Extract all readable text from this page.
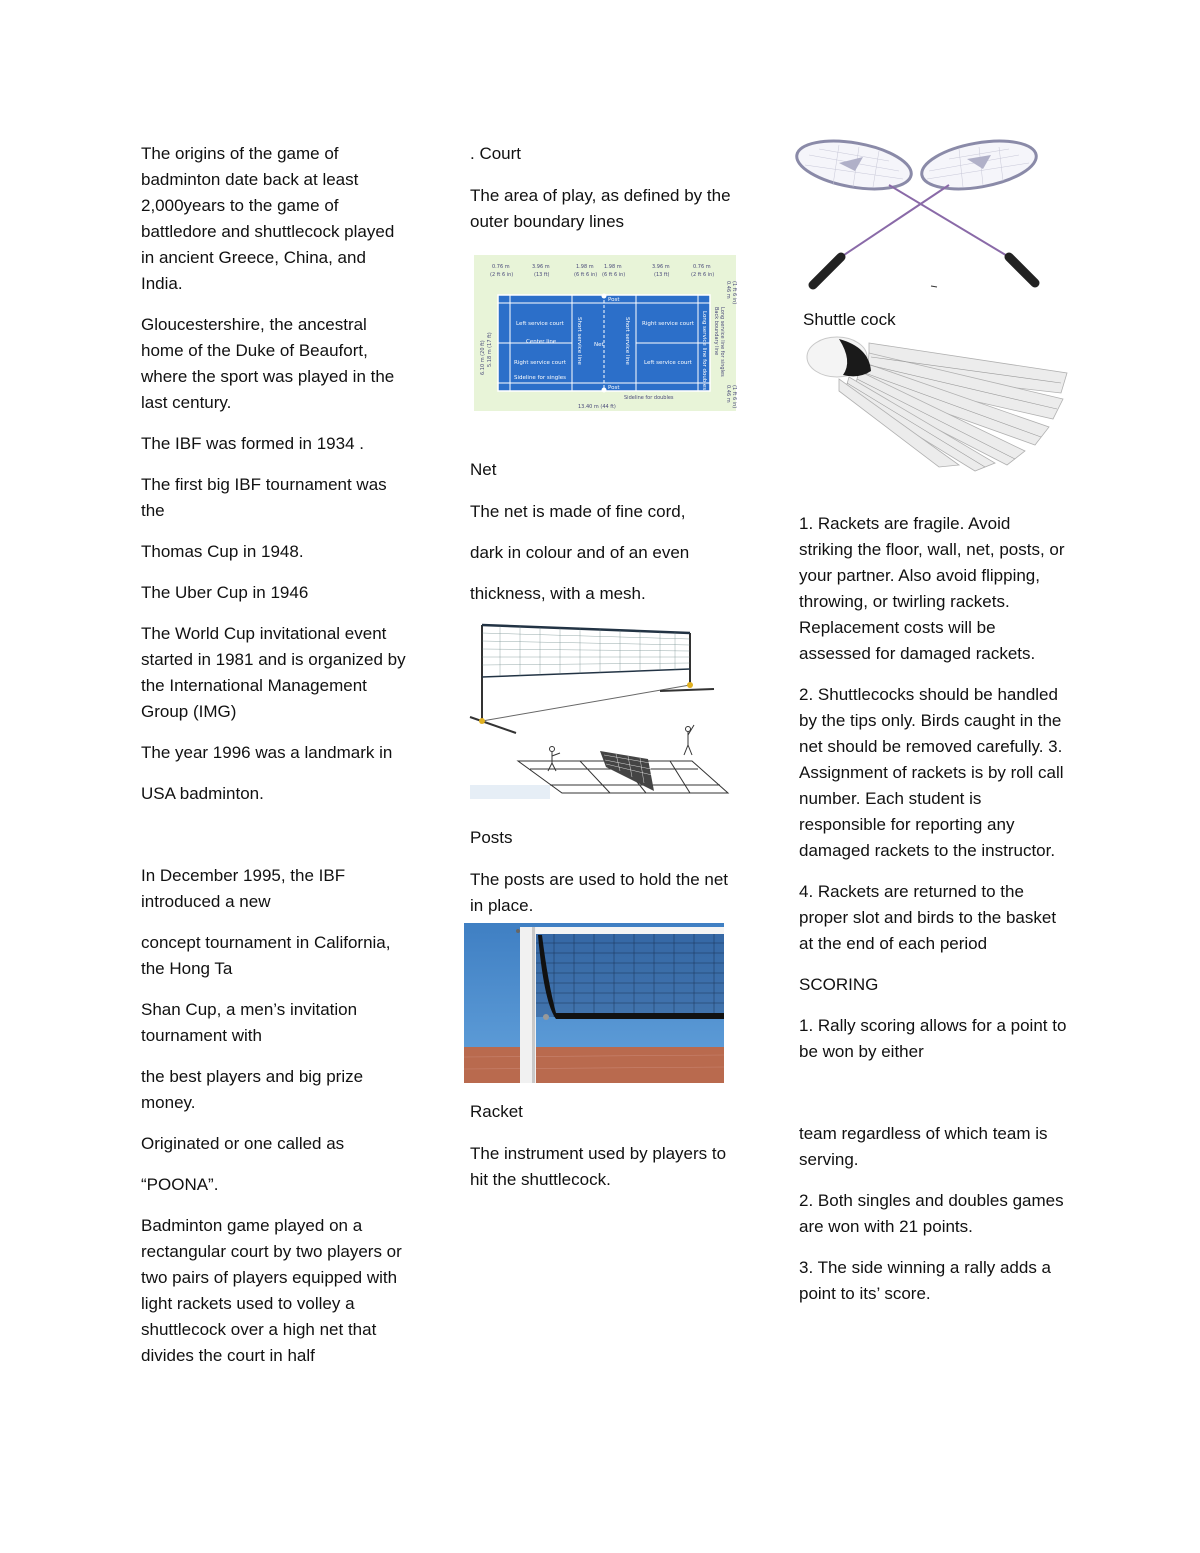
The origins of the game of badminton date back at least 2,000years to the game of battledore and shuttlecock played in ancient Greece, China, and India.

Gloucestershire, the ancestral home of the Duke of Beaufort, where the sport was played in the last century.

The IBF was formed in 1934 .

The first big IBF tournament was the

Thomas Cup in 1948.

The Uber Cup in 1946

The World Cup invitational event started in 1981 and is organized by the International Management Group (IMG)

The year 1996 was a landmark in

USA badminton.

In December 1995, the IBF introduced a new

concept tournament in California, the Hong Ta

Shan Cup, a men’s invitation tournament with

the best players and big prize money.

Originated or one called as

“POONA”.

Badminton game played on a rectangular court by two players or two pairs of players equipped with light rackets used to volley a shuttlecock over a high net that divides the court in half

. Court

The area of play, as defined by the outer boundary lines

0.76 m	3.96 m	1.98 m 1.98 m	3.96 m	0.76 m
(2 ft 6 in)	(13 ft)	(6 ft 6 in) (6 ft 6 in)	(13 ft)	(2 ft 6 in)
Post
Post
Left service court
Center line
Right service court
Sideline for singles
Net
Right service court
Left service court
Short service line	Short service line	Long service line for doubles
Sideline for doubles
13.40 m (44 ft)
6.10 m (20 ft) 5.18 m (17 ft)	Back boundary line Long service line for singles
0.46 m (1 ft 6 in)
0.46 m (1 ft 6 in)

Net

The net is made of fine cord,

dark in colour and of an even

thickness, with a mesh.

Posts

The posts are used to hold the net in place.

Racket

The instrument used by players to hit the shuttlecock.

Shuttle cock

1. Rackets are fragile. Avoid striking the floor, wall, net, posts, or your partner. Also avoid flipping, throwing, or twirling rackets. Replacement costs will be assessed for damaged rackets.

2. Shuttlecocks should be handled by the tips only. Birds caught in the net should be removed carefully. 3. Assignment of rackets is by roll call number. Each student is responsible for reporting any damaged rackets to the instructor.

4. Rackets are returned to the proper slot and birds to the basket at the end of each period

SCORING

1. Rally scoring allows for a point to be won by either

team regardless of which team is serving.

2. Both singles and doubles games are won with 21 points.

3. The side winning a rally adds a point to its’ score.
